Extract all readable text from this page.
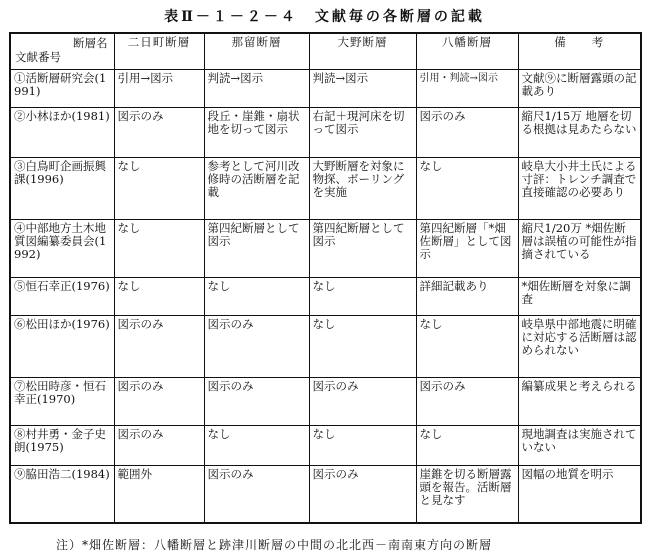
表Ⅱ－１－２－４　文献毎の各断層の記載
断層名
文献番号	二日町断層	那留断層	大野断層	八幡断層	備　　考
①活断層研究会(1991)	引用→図示	判読→図示	判読→図示	引用・判読→図示	文献⑨に断層露頭の記載あり
②小林ほか(1981)	図示のみ	段丘・崖錐・扇状地を切って図示	右記＋現河床を切って図示	図示のみ	縮尺1/15万 地層を切る根拠は見あたらない
③白鳥町企画振興課(1996)	なし	参考として河川改修時の活断層を記載	大野断層を対象に物探、ボーリングを実施	なし	岐阜大小井土氏による寸評：トレンチ調査で直接確認の必要あり
④中部地方土木地質図編纂委員会(1992)	なし	第四紀断層として図示	第四紀断層として図示	第四紀断層「*畑佐断層」として図示	縮尺1/20万 *畑佐断層は誤植の可能性が指摘されている
⑤恒石幸正(1976)	なし	なし	なし	詳細記載あり	*畑佐断層を対象に調査
⑥松田ほか(1976)	図示のみ	図示のみ	なし	なし	岐阜県中部地震に明確に対応する活断層は認められない
⑦松田時彦・恒石幸正(1970)	図示のみ	図示のみ	図示のみ	図示のみ	編纂成果と考えられる
⑧村井勇・金子史朗(1975)	図示のみ	なし	なし	なし	現地調査は実施されていない
⑨脇田浩二(1984)	範囲外	図示のみ	図示のみ	崖錐を切る断層露頭を報告。活断層と見なす	図幅の地質を明示
注）*畑佐断層：八幡断層と跡津川断層の中間の北北西－南南東方向の断層
